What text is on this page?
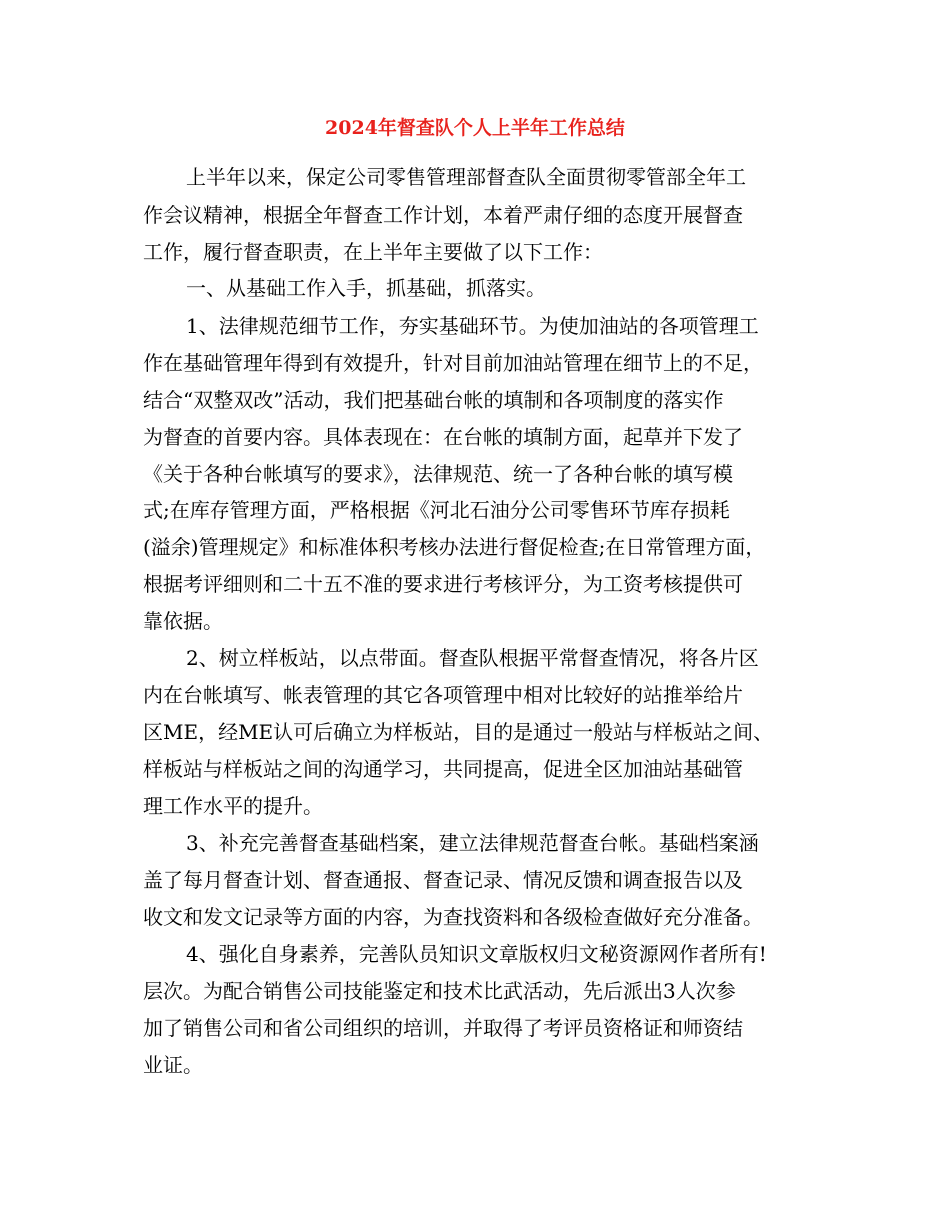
2024年督查队个人上半年工作总结

上半年以来，保定公司零售管理部督查队全面贯彻零管部全年工

作会议精神，根据全年督查工作计划，本着严肃仔细的态度开展督查

工作，履行督查职责，在上半年主要做了以下工作：

一、从基础工作入手，抓基础，抓落实。

1、法律规范细节工作，夯实基础环节。为使加油站的各项管理工

作在基础管理年得到有效提升，针对目前加油站管理在细节上的不足，

结合“双整双改”活动，我们把基础台帐的填制和各项制度的落实作

为督查的首要内容。具体表现在：在台帐的填制方面，起草并下发了

《关于各种台帐填写的要求》，法律规范、统一了各种台帐的填写模

式;在库存管理方面，严格根据《河北石油分公司零售环节库存损耗

(溢余)管理规定》和标准体积考核办法进行督促检查;在日常管理方面，

根据考评细则和二十五不准的要求进行考核评分，为工资考核提供可

靠依据。

2、树立样板站，以点带面。督查队根据平常督查情况，将各片区

内在台帐填写、帐表管理的其它各项管理中相对比较好的站推举给片

区ME，经ME认可后确立为样板站，目的是通过一般站与样板站之间、

样板站与样板站之间的沟通学习，共同提高，促进全区加油站基础管

理工作水平的提升。

3、补充完善督查基础档案，建立法律规范督查台帐。基础档案涵

盖了每月督查计划、督查通报、督查记录、情况反馈和调查报告以及

收文和发文记录等方面的内容，为查找资料和各级检查做好充分准备。

4、强化自身素养，完善队员知识文章版权归文秘资源网作者所有!

层次。为配合销售公司技能鉴定和技术比武活动，先后派出3人次参

加了销售公司和省公司组织的培训，并取得了考评员资格证和师资结

业证。
